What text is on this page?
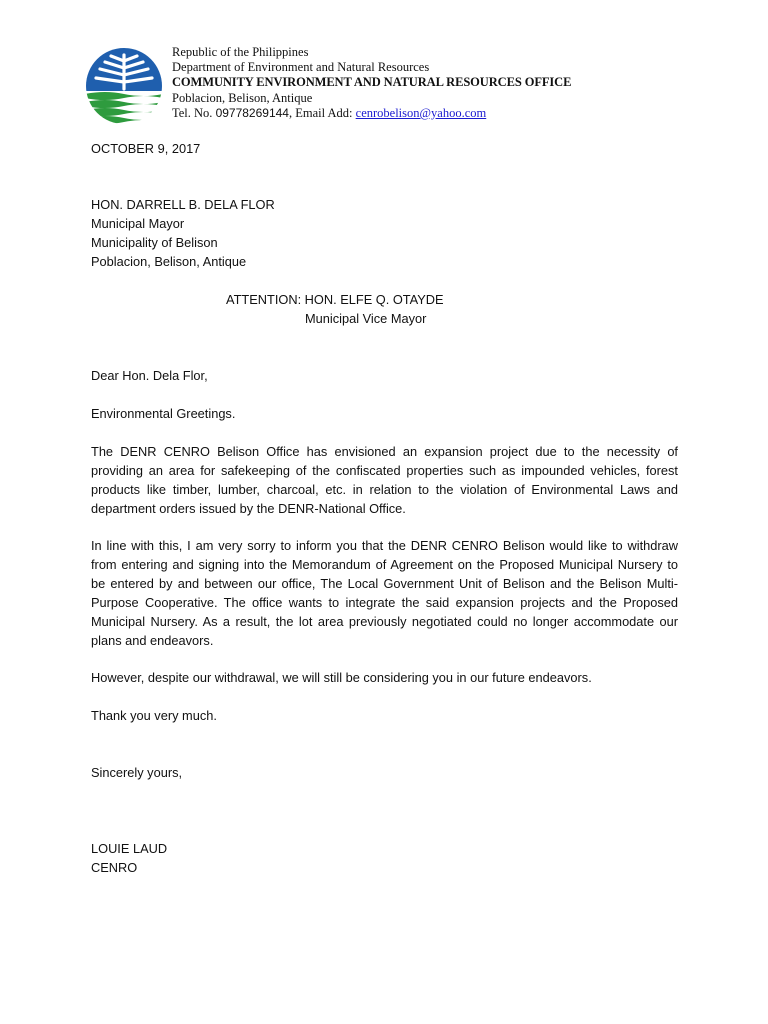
Republic of the Philippines
Department of Environment and Natural Resources
COMMUNITY ENVIRONMENT AND NATURAL RESOURCES OFFICE
Poblacion, Belison, Antique
Tel. No. 09778269144, Email Add: cenrobelison@yahoo.com
OCTOBER 9, 2017
HON. DARRELL B. DELA FLOR
Municipal Mayor
Municipality of Belison
Poblacion, Belison, Antique
ATTENTION: HON. ELFE Q. OTAYDE
Municipal Vice Mayor
Dear Hon. Dela Flor,
Environmental Greetings.

The DENR CENRO Belison Office has envisioned an expansion project due to the necessity of providing an area for safekeeping of the confiscated properties such as impounded vehicles, forest products like timber, lumber, charcoal, etc. in relation to the violation of Environmental Laws and department orders issued by the DENR-National Office.

In line with this, I am very sorry to inform you that the DENR CENRO Belison would like to withdraw from entering and signing into the Memorandum of Agreement on the Proposed Municipal Nursery to be entered by and between our office, The Local Government Unit of Belison and the Belison Multi-Purpose Cooperative. The office wants to integrate the said expansion projects and the Proposed Municipal Nursery. As a result, the lot area previously negotiated could no longer accommodate our plans and endeavors.

However, despite our withdrawal, we will still be considering you in our future endeavors.
Thank you very much.
Sincerely yours,
LOUIE LAUD
CENRO
